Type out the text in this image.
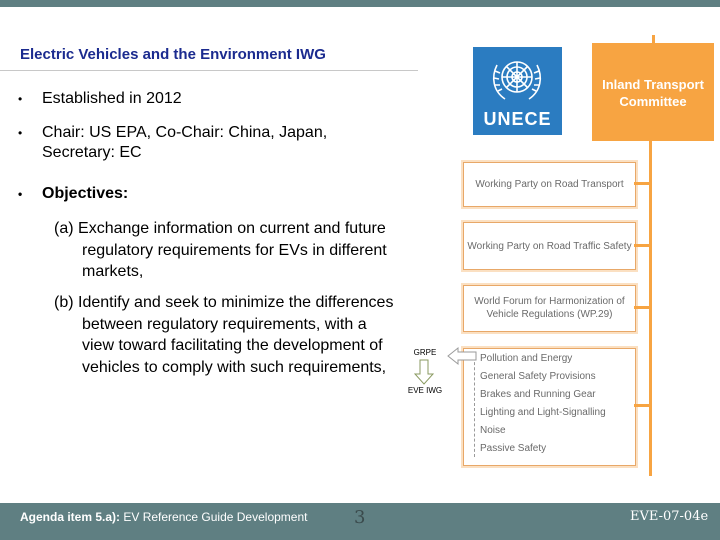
Electric Vehicles and the Environment IWG
• Established in 2012
• Chair: US EPA, Co-Chair: China, Japan, Secretary: EC
• Objectives:
(a) Exchange information on current and future regulatory requirements for EVs in different markets,
(b) Identify and seek to minimize the differences between regulatory requirements, with a view toward facilitating the development of vehicles to comply with such requirements,
UNECE
Inland Transport Committee
Working Party on Road Transport
Working Party on Road Traffic Safety
World Forum for Harmonization of Vehicle Regulations (WP.29)
Pollution and Energy
General Safety Provisions
Brakes and Running Gear
Lighting and Light-Signalling
Noise
Passive Safety
GRPE
EVE IWG
Agenda item 5.a): EV Reference Guide Development	3	EVE-07-04e
